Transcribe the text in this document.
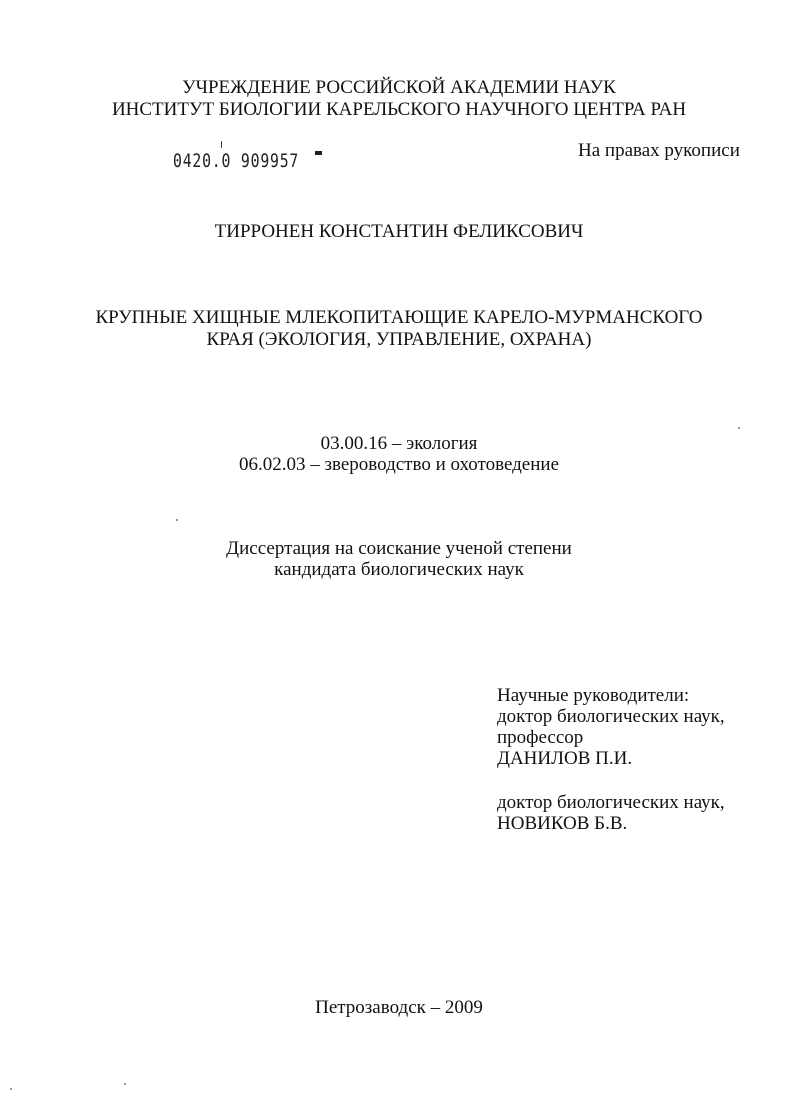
УЧРЕЖДЕНИЕ РОССИЙСКОЙ АКАДЕМИИ НАУК
ИНСТИТУТ БИОЛОГИИ КАРЕЛЬСКОГО НАУЧНОГО ЦЕНТРА РАН
0420.0 909957	На правах рукописи
ТИРРОНЕН КОНСТАНТИН ФЕЛИКСОВИЧ
КРУПНЫЕ ХИЩНЫЕ МЛЕКОПИТАЮЩИЕ КАРЕЛО-МУРМАНСКОГО
КРАЯ (ЭКОЛОГИЯ, УПРАВЛЕНИЕ, ОХРАНА)
03.00.16 – экология
06.02.03 – звероводство и охотоведение
Диссертация на соискание ученой степени
кандидата биологических наук
Научные руководители:
доктор биологических наук,
профессор
ДАНИЛОВ П.И.
доктор биологических наук,
НОВИКОВ Б.В.
Петрозаводск – 2009
